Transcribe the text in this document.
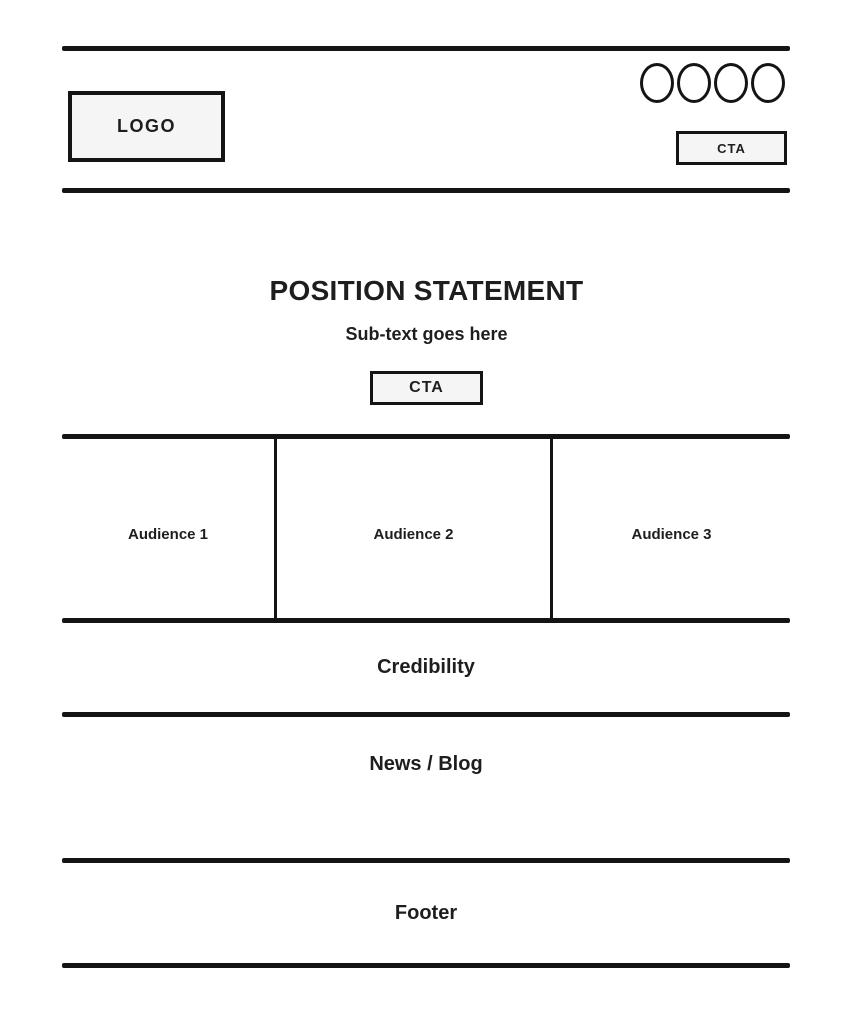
LOGO
CTA
POSITION STATEMENT
Sub-text goes here
CTA
Audience 1	Audience 2	Audience 3
Credibility
News / Blog
Footer
